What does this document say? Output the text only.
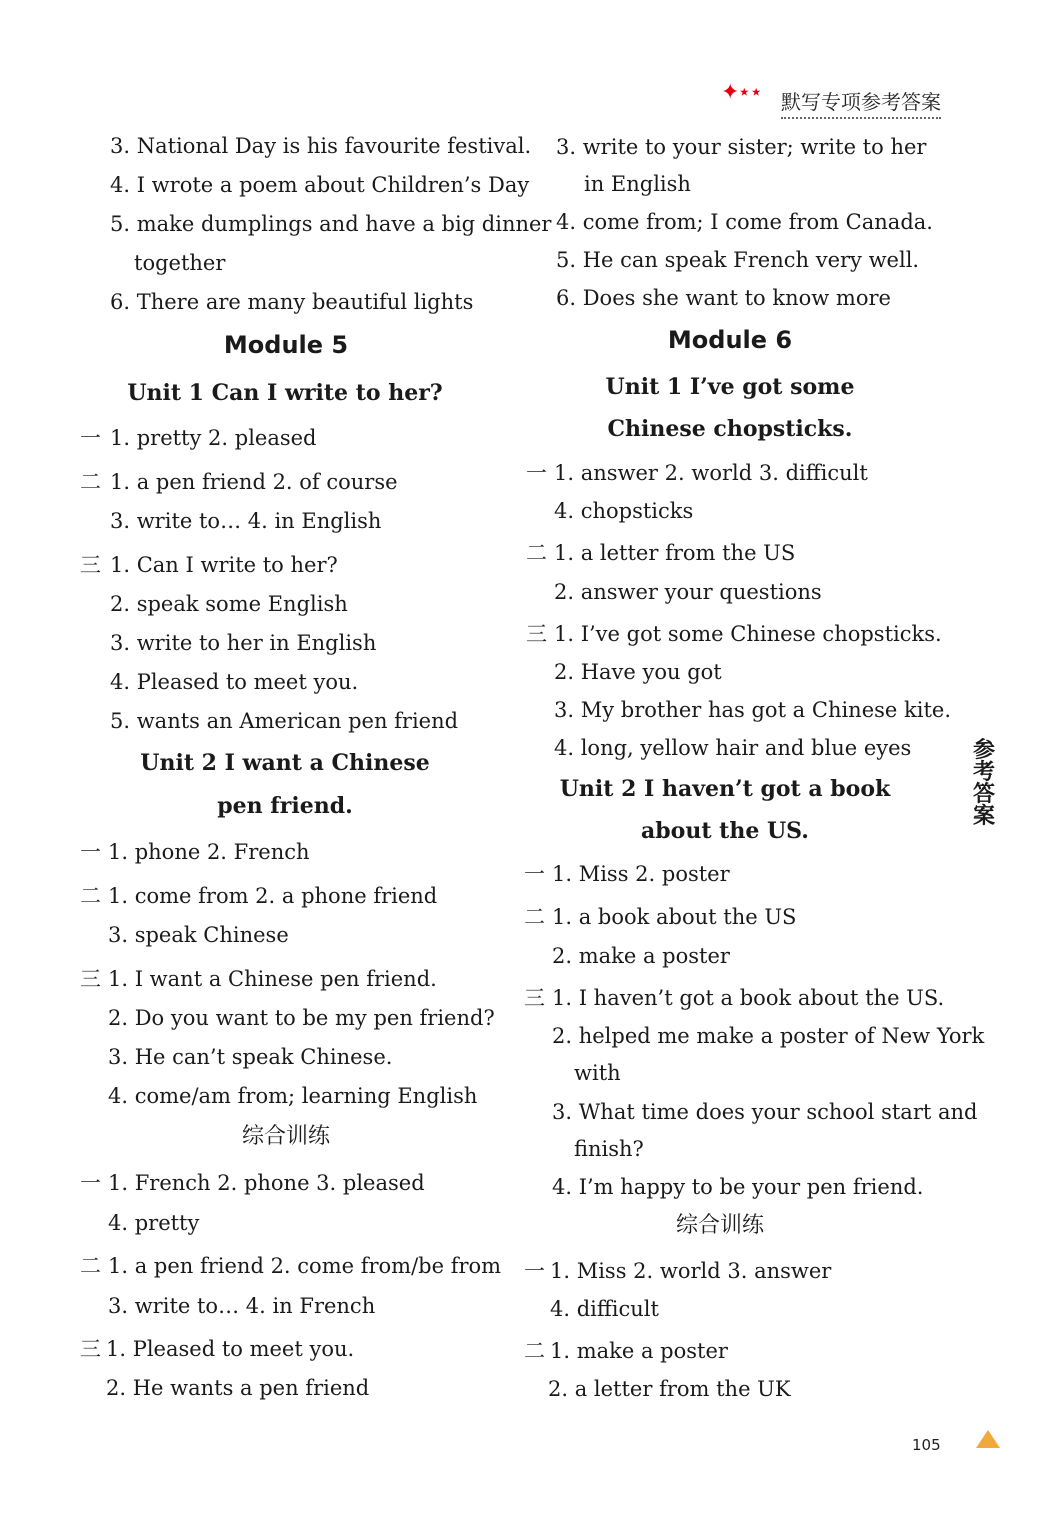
✦⋆⋆ 默写专项参考答案
3. National Day is his favourite festival.
4. I wrote a poem about Children’s Day
5. make dumplings and have a big dinner
together
6. There are many beautiful lights
Module 5
Unit 1 Can I write to her?
一 1. pretty 2. pleased
二 1. a pen friend 2. of course
3. write to… 4. in English
三 1. Can I write to her?
2. speak some English
3. write to her in English
4. Pleased to meet you.
5. wants an American pen friend
Unit 2 I want a Chinese
pen friend.
一 1. phone 2. French
二 1. come from 2. a phone friend
3. speak Chinese
三 1. I want a Chinese pen friend.
2. Do you want to be my pen friend?
3. He can’t speak Chinese.
4. come/am from; learning English
综合训练
一 1. French 2. phone 3. pleased
4. pretty
二 1. a pen friend 2. come from/be from
3. write to… 4. in French
三 1. Pleased to meet you.
2. He wants a pen friend
3. write to your sister; write to her
in English
4. come from; I come from Canada.
5. He can speak French very well.
6. Does she want to know more
Module 6
Unit 1 I’ve got some
Chinese chopsticks.
一 1. answer 2. world 3. difficult
4. chopsticks
二 1. a letter from the US
2. answer your questions
三 1. I’ve got some Chinese chopsticks.
2. Have you got
3. My brother has got a Chinese kite.
4. long, yellow hair and blue eyes
Unit 2 I haven’t got a book
about the US.
一 1. Miss 2. poster
二 1. a book about the US
2. make a poster
三 1. I haven’t got a book about the US.
2. helped me make a poster of New York
with
3. What time does your school start and
finish?
4. I’m happy to be your pen friend.
综合训练
一 1. Miss 2. world 3. answer
4. difficult
二 1. make a poster
2. a letter from the UK
参
考
答
案
105
